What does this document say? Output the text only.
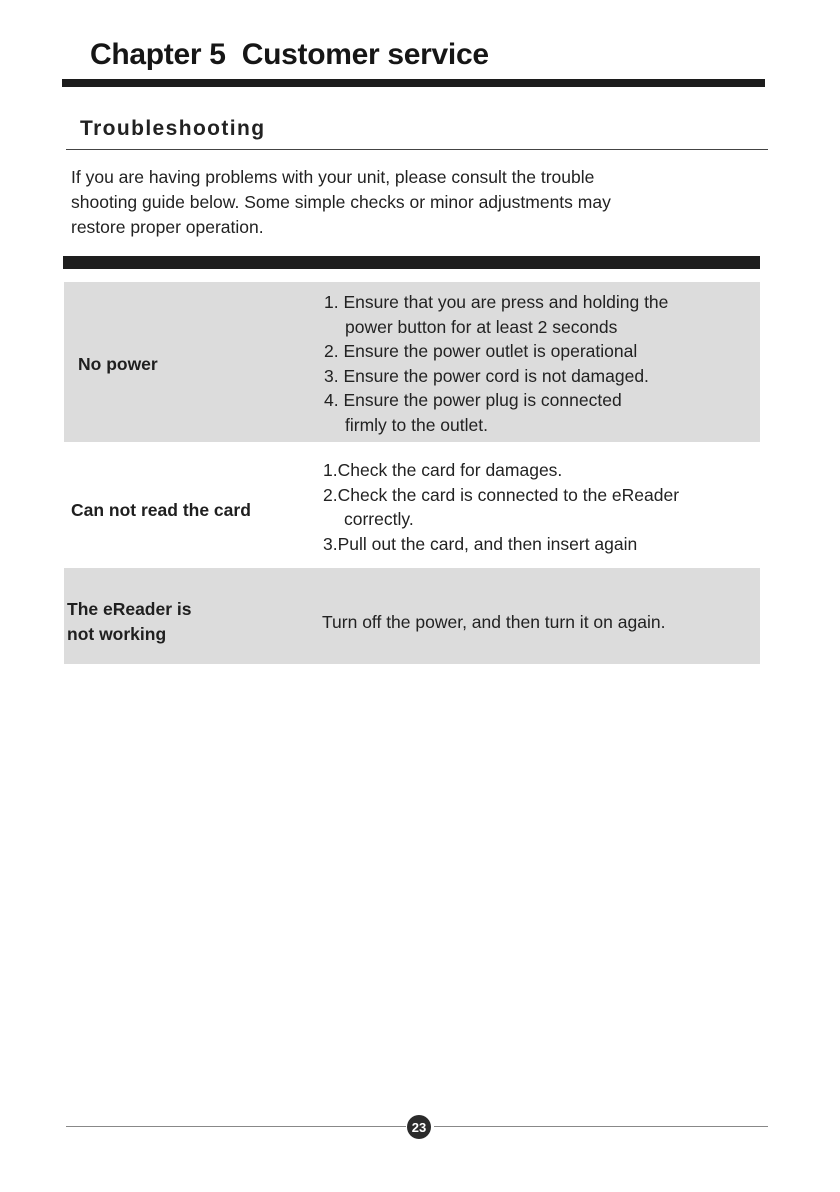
Chapter 5  Customer service
Troubleshooting

If you are having problems with your unit, please consult the trouble
shooting guide below. Some simple checks or minor adjustments may
restore proper operation.

No power
1. Ensure that you are press and holding the
power button for at least 2 seconds
2. Ensure the power outlet is operational
3. Ensure the power cord is not damaged.
4. Ensure the power plug is connected
firmly to the outlet.
Can not read the card
1.Check the card for damages.
2.Check the card is connected to the eReader
correctly.
3.Pull out the card, and then insert again
The eReader is
not working
Turn off the power, and then turn it on again.
23
